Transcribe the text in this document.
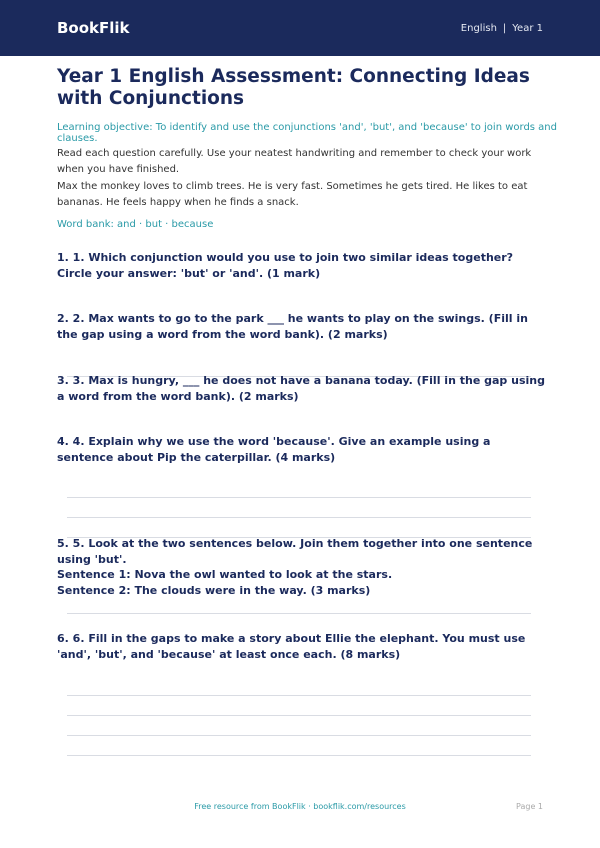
BookFlik	English | Year 1
Year 1 English Assessment: Connecting Ideas with Conjunctions

Learning objective: To identify and use the conjunctions 'and', 'but', and 'because' to join words and clauses.

Read each question carefully. Use your neatest handwriting and remember to check your work when you have finished.

Max the monkey loves to climb trees. He is very fast. Sometimes he gets tired. He likes to eat bananas. He feels happy when he finds a snack.

Word bank: and · but · because

1. 1. Which conjunction would you use to join two similar ideas together? Circle your answer: 'but' or 'and'. (1 mark)

2. 2. Max wants to go to the park ___ he wants to play on the swings. (Fill in the gap using a word from the word bank). (2 marks)

3. 3. Max is hungry, ___ he does not have a banana today. (Fill in the gap using a word from the word bank). (2 marks)

4. 4. Explain why we use the word 'because'. Give an example using a sentence about Pip the caterpillar. (4 marks)

5. 5. Look at the two sentences below. Join them together into one sentence using 'but'.
Sentence 1: Nova the owl wanted to look at the stars.
Sentence 2: The clouds were in the way. (3 marks)

6. 6. Fill in the gaps to make a story about Ellie the elephant. You must use 'and', 'but', and 'because' at least once each. (8 marks)

Free resource from BookFlik · bookflik.com/resources	Page 1
